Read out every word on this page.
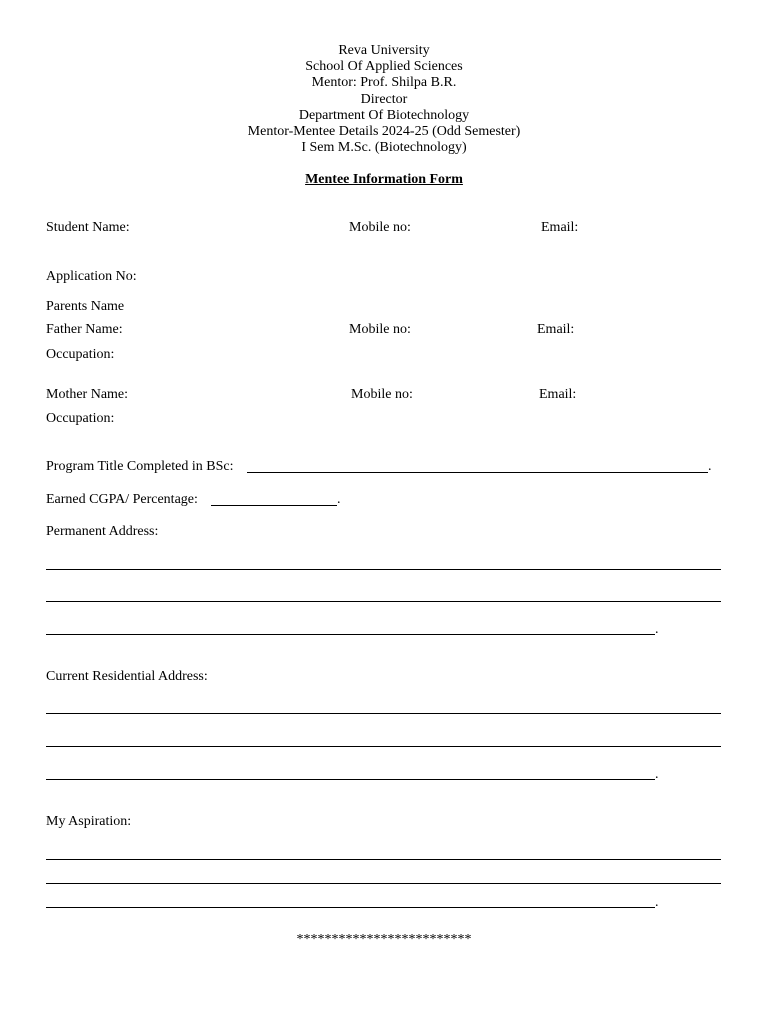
Reva University
School Of Applied Sciences
Mentor: Prof. Shilpa B.R.
Director
Department Of Biotechnology
Mentor-Mentee Details 2024-25 (Odd Semester)
I Sem M.Sc. (Biotechnology)
Mentee Information Form
Student Name:	Mobile no:	Email:
Application No:
Parents Name
Father Name:	Mobile no:	Email:
Occupation:
Mother Name:	Mobile no:	Email:
Occupation:
Program Title Completed in BSc:	.
Earned CGPA/ Percentage:	.
Permanent Address:
.
Current Residential Address:
.
My Aspiration:
.
*************************
